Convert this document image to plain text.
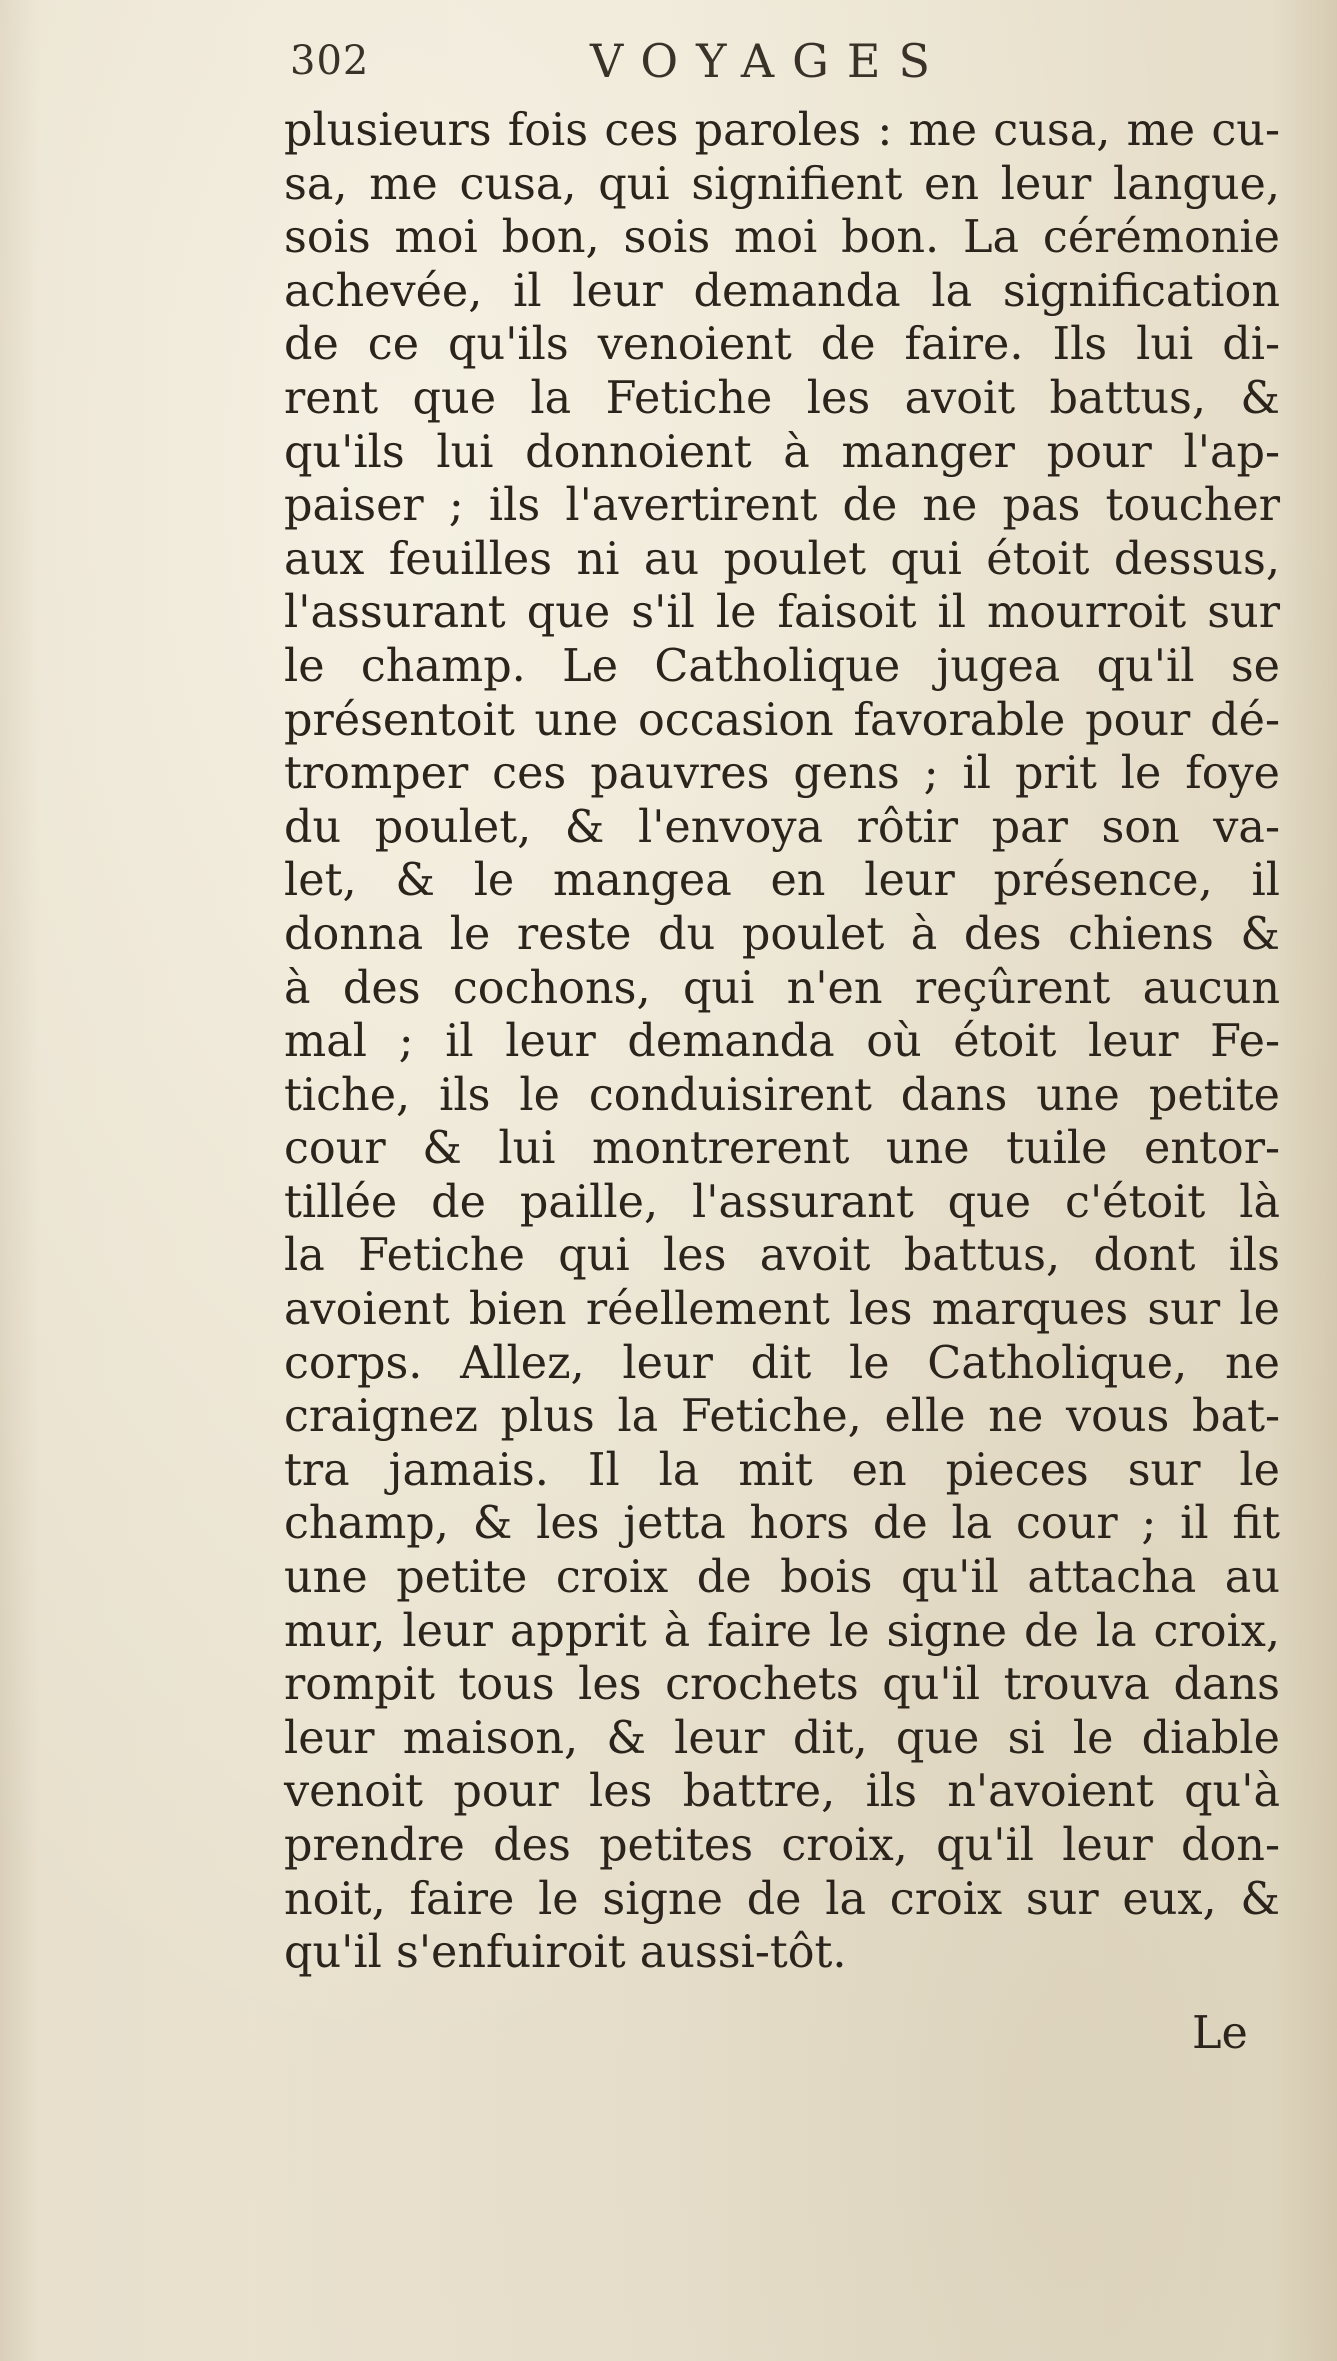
302	VOYAGES
plusieurs fois ces paroles : me cusa, me cu-
sa, me cusa, qui signifient en leur langue,
sois moi bon, sois moi bon. La cérémonie
achevée, il leur demanda la signification
de ce qu'ils venoient de faire. Ils lui di-
rent que la Fetiche les avoit battus, &
qu'ils lui donnoient à manger pour l'ap-
paiser ; ils l'avertirent de ne pas toucher
aux feuilles ni au poulet qui étoit dessus,
l'assurant que s'il le faisoit il mourroit sur
le champ. Le Catholique jugea qu'il se
présentoit une occasion favorable pour dé-
tromper ces pauvres gens ; il prit le foye
du poulet, & l'envoya rôtir par son va-
let, & le mangea en leur présence, il
donna le reste du poulet à des chiens &
à des cochons, qui n'en reçûrent aucun
mal ; il leur demanda où étoit leur Fe-
tiche, ils le conduisirent dans une petite
cour & lui montrerent une tuile entor-
tillée de paille, l'assurant que c'étoit là
la Fetiche qui les avoit battus, dont ils
avoient bien réellement les marques sur le
corps. Allez, leur dit le Catholique, ne
craignez plus la Fetiche, elle ne vous bat-
tra jamais. Il la mit en pieces sur le
champ, & les jetta hors de la cour ; il fit
une petite croix de bois qu'il attacha au
mur, leur apprit à faire le signe de la croix,
rompit tous les crochets qu'il trouva dans
leur maison, & leur dit, que si le diable
venoit pour les battre, ils n'avoient qu'à
prendre des petites croix, qu'il leur don-
noit, faire le signe de la croix sur eux, &
qu'il s'enfuiroit aussi-tôt.
Le
